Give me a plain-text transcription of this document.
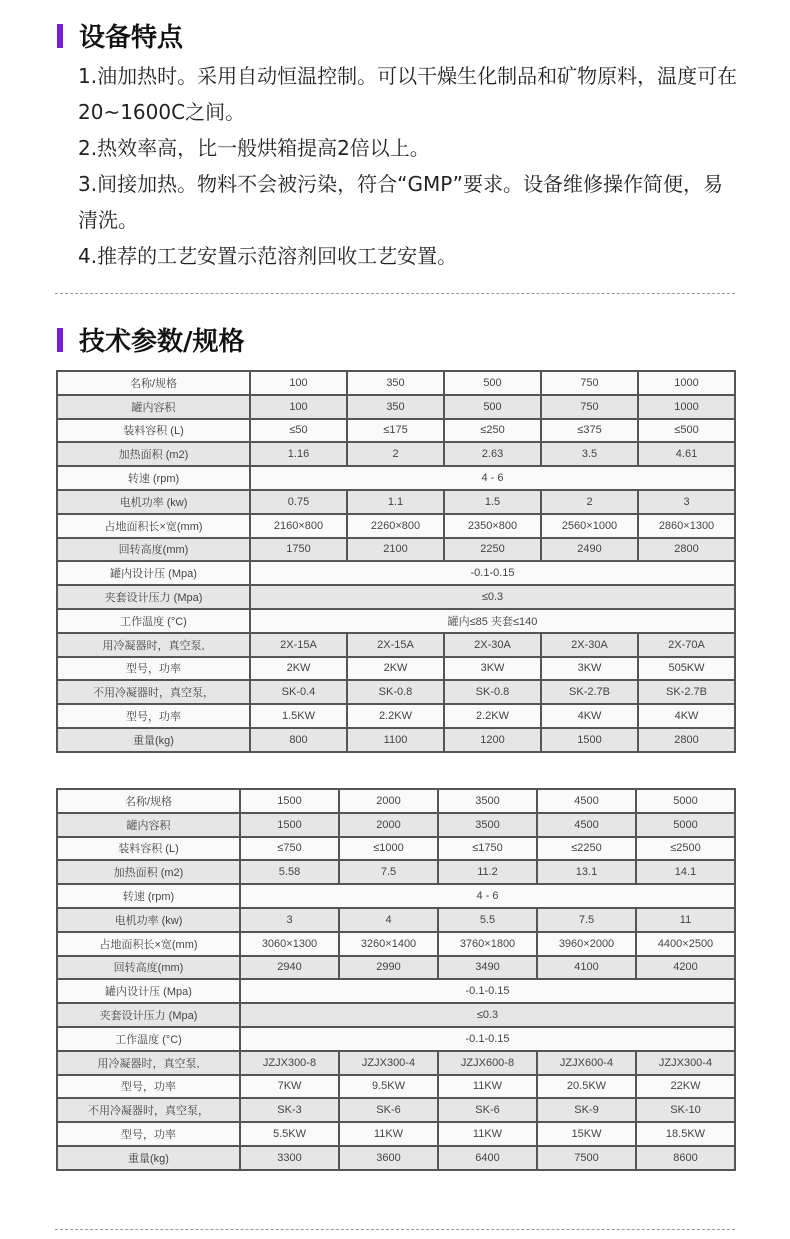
设备特点

1.油加热时。采用自动恒温控制。可以干燥生化制品和矿物原料，温度可在20~1600C之间。

2.热效率高，比一般烘箱提高2倍以上。

3.间接加热。物料不会被污染，符合“GMP”要求。设备维修操作简便，易清洗。

4.推荐的工艺安置示范溶剂回收工艺安置。

技术参数/规格
名称/规格	100	350	500	750	1000
罐内容积	100	350	500	750	1000
装料容积 (L)	≤50	≤175	≤250	≤375	≤500
加热面积 (m2)	1.16	2	2.63	3.5	4.61
转速 (rpm)	4 - 6				
电机功率 (kw)	0.75	1.1	1.5	2	3
占地面积长×宽(mm)	2160×800	2260×800	2350×800	2560×1000	2860×1300
回转高度(mm)	1750	2100	2250	2490	2800
罐内设计压 (Mpa)	-0.1-0.15				
夹套设计压力 (Mpa)	≤0.3				
工作温度 (°C)	罐内≤85 夹套≤140				
用冷凝器时，真空泵,	2X-15A	2X-15A	2X-30A	2X-30A	2X-70A
型号，功率	2KW	2KW	3KW	3KW	505KW
不用冷凝器时，真空泵，	SK-0.4	SK-0.8	SK-0.8	SK-2.7B	SK-2.7B
型号，功率	1.5KW	2.2KW	2.2KW	4KW	4KW
重量(kg)	800	1100	1200	1500	2800
名称/规格	1500	2000	3500	4500	5000
罐内容积	1500	2000	3500	4500	5000
装料容积 (L)	≤750	≤1000	≤1750	≤2250	≤2500
加热面积 (m2)	5.58	7.5	11.2	13.1	14.1
转速 (rpm)	4 - 6				
电机功率 (kw)	3	4	5.5	7.5	11
占地面积长×宽(mm)	3060×1300	3260×1400	3760×1800	3960×2000	4400×2500
回转高度(mm)	2940	2990	3490	4100	4200
罐内设计压 (Mpa)	-0.1-0.15				
夹套设计压力 (Mpa)	≤0.3				
工作温度 (°C)	-0.1-0.15				
用冷凝器时，真空泵,	JZJX300-8	JZJX300-4	JZJX600-8	JZJX600-4	JZJX300-4
型号，功率	7KW	9.5KW	11KW	20.5KW	22KW
不用冷凝器时，真空泵，	SK-3	SK-6	SK-6	SK-9	SK-10
型号，功率	5.5KW	11KW	11KW	15KW	18.5KW
重量(kg)	3300	3600	6400	7500	8600
